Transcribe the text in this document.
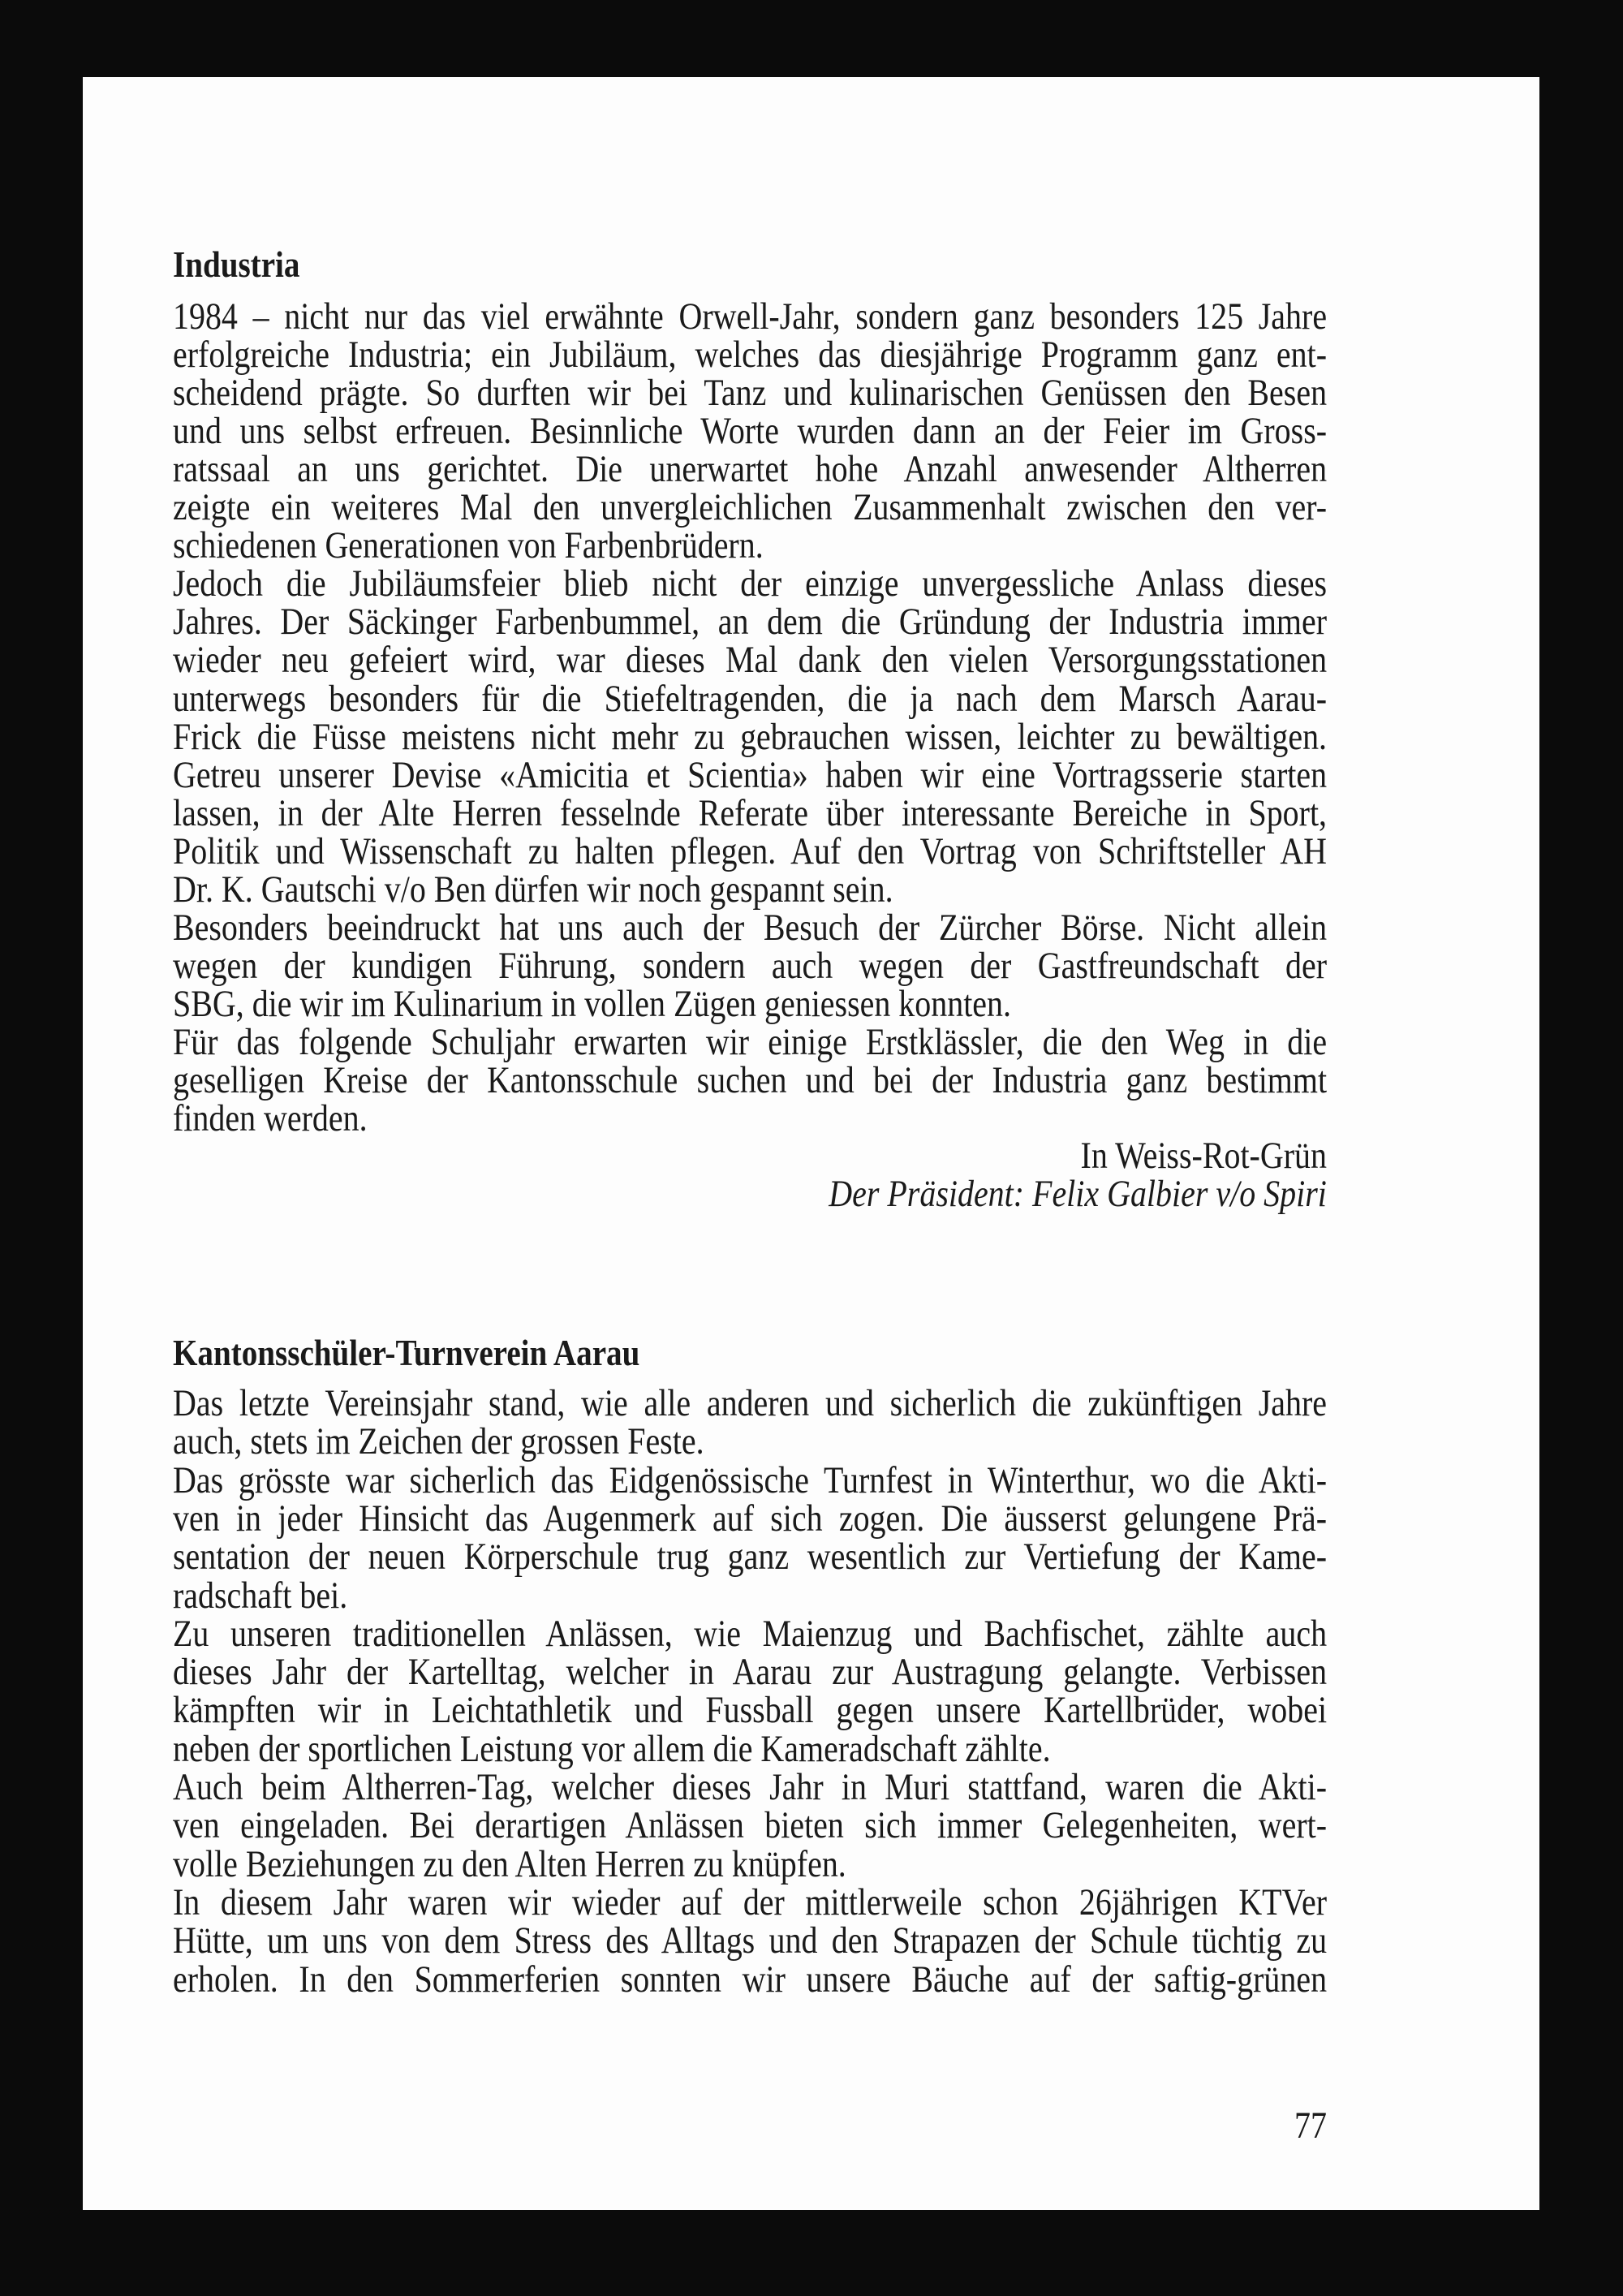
Industria
1984 – nicht nur das viel erwähnte Orwell-Jahr, sondern ganz besonders 125 Jahre
erfolgreiche Industria; ein Jubiläum, welches das diesjährige Programm ganz ent-
scheidend prägte. So durften wir bei Tanz und kulinarischen Genüssen den Besen
und uns selbst erfreuen. Besinnliche Worte wurden dann an der Feier im Gross-
ratssaal an uns gerichtet. Die unerwartet hohe Anzahl anwesender Altherren
zeigte ein weiteres Mal den unvergleichlichen Zusammenhalt zwischen den ver-
schiedenen Generationen von Farbenbrüdern.
Jedoch die Jubiläumsfeier blieb nicht der einzige unvergessliche Anlass dieses
Jahres. Der Säckinger Farbenbummel, an dem die Gründung der Industria immer
wieder neu gefeiert wird, war dieses Mal dank den vielen Versorgungsstationen
unterwegs besonders für die Stiefeltragenden, die ja nach dem Marsch Aarau-
Frick die Füsse meistens nicht mehr zu gebrauchen wissen, leichter zu bewältigen.
Getreu unserer Devise «Amicitia et Scientia» haben wir eine Vortragsserie starten
lassen, in der Alte Herren fesselnde Referate über interessante Bereiche in Sport,
Politik und Wissenschaft zu halten pflegen. Auf den Vortrag von Schriftsteller AH
Dr. K. Gautschi v/o Ben dürfen wir noch gespannt sein.
Besonders beeindruckt hat uns auch der Besuch der Zürcher Börse. Nicht allein
wegen der kundigen Führung, sondern auch wegen der Gastfreundschaft der
SBG, die wir im Kulinarium in vollen Zügen geniessen konnten.
Für das folgende Schuljahr erwarten wir einige Erstklässler, die den Weg in die
geselligen Kreise der Kantonsschule suchen und bei der Industria ganz bestimmt
finden werden.
In Weiss-Rot-Grün
Der Präsident: Felix Galbier v/o Spiri
Kantonsschüler-Turnverein Aarau
Das letzte Vereinsjahr stand, wie alle anderen und sicherlich die zukünftigen Jahre
auch, stets im Zeichen der grossen Feste.
Das grösste war sicherlich das Eidgenössische Turnfest in Winterthur, wo die Akti-
ven in jeder Hinsicht das Augenmerk auf sich zogen. Die äusserst gelungene Prä-
sentation der neuen Körperschule trug ganz wesentlich zur Vertiefung der Kame-
radschaft bei.
Zu unseren traditionellen Anlässen, wie Maienzug und Bachfischet, zählte auch
dieses Jahr der Kartelltag, welcher in Aarau zur Austragung gelangte. Verbissen
kämpften wir in Leichtathletik und Fussball gegen unsere Kartellbrüder, wobei
neben der sportlichen Leistung vor allem die Kameradschaft zählte.
Auch beim Altherren-Tag, welcher dieses Jahr in Muri stattfand, waren die Akti-
ven eingeladen. Bei derartigen Anlässen bieten sich immer Gelegenheiten, wert-
volle Beziehungen zu den Alten Herren zu knüpfen.
In diesem Jahr waren wir wieder auf der mittlerweile schon 26jährigen KTVer
Hütte, um uns von dem Stress des Alltags und den Strapazen der Schule tüchtig zu
erholen. In den Sommerferien sonnten wir unsere Bäuche auf der saftig-grünen
77
